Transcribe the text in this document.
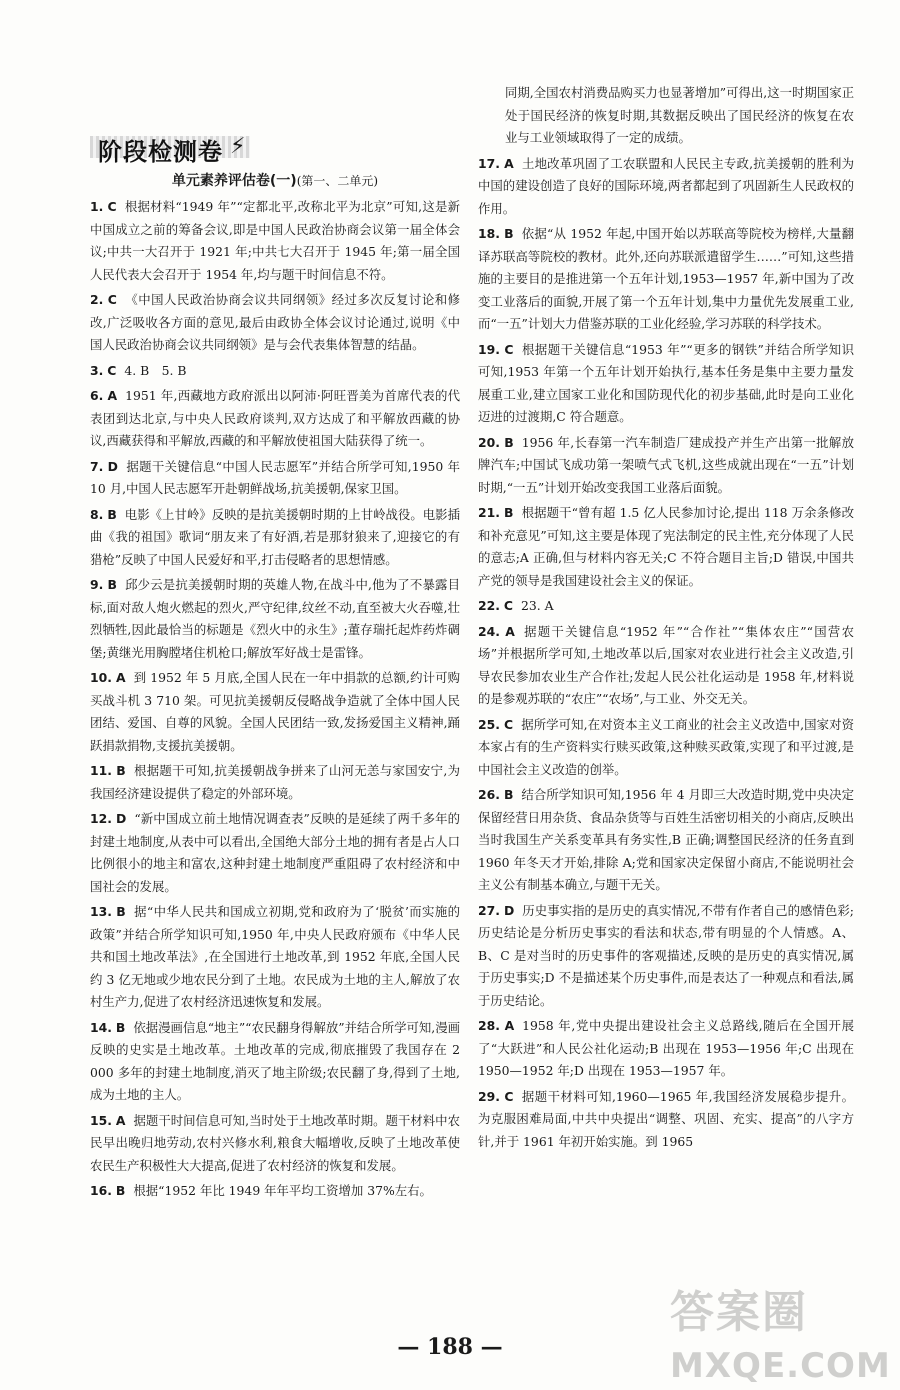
阶段检测卷 ⚡
单元素养评估卷(一)(第一、二单元)
1. C 根据材料“1949 年”“定都北平,改称北平为北京”可知,这是新中国成立之前的筹备会议,即是中国人民政治协商会议第一届全体会议;中共一大召开于 1921 年;中共七大召开于 1945 年;第一届全国人民代表大会召开于 1954 年,均与题干时间信息不符。
2. C 《中国人民政治协商会议共同纲领》经过多次反复讨论和修改,广泛吸收各方面的意见,最后由政协全体会议讨论通过,说明《中国人民政治协商会议共同纲领》是与会代表集体智慧的结晶。
3. C 4. B　5. B
6. A 1951 年,西藏地方政府派出以阿沛·阿旺晋美为首席代表的代表团到达北京,与中央人民政府谈判,双方达成了和平解放西藏的协议,西藏获得和平解放,西藏的和平解放使祖国大陆获得了统一。
7. D 据题干关键信息“中国人民志愿军”并结合所学可知,1950 年 10 月,中国人民志愿军开赴朝鲜战场,抗美援朝,保家卫国。
8. B 电影《上甘岭》反映的是抗美援朝时期的上甘岭战役。电影插曲《我的祖国》歌词“朋友来了有好酒,若是那豺狼来了,迎接它的有猎枪”反映了中国人民爱好和平,打击侵略者的思想情感。
9. B 邱少云是抗美援朝时期的英雄人物,在战斗中,他为了不暴露目标,面对敌人炮火燃起的烈火,严守纪律,纹丝不动,直至被大火吞噬,壮烈牺牲,因此最恰当的标题是《烈火中的永生》;董存瑞托起炸药炸碉堡;黄继光用胸膛堵住机枪口;解放军好战士是雷锋。
10. A 到 1952 年 5 月底,全国人民在一年中捐款的总额,约计可购买战斗机 3 710 架。可见抗美援朝反侵略战争造就了全体中国人民团结、爱国、自尊的风貌。全国人民团结一致,发扬爱国主义精神,踊跃捐款捐物,支援抗美援朝。
11. B 根据题干可知,抗美援朝战争拼来了山河无恙与家国安宁,为我国经济建设提供了稳定的外部环境。
12. D “新中国成立前土地情况调查表”反映的是延续了两千多年的封建土地制度,从表中可以看出,全国绝大部分土地的拥有者是占人口比例很小的地主和富农,这种封建土地制度严重阻碍了农村经济和中国社会的发展。
13. B 据“中华人民共和国成立初期,党和政府为了‘脱贫’而实施的政策”并结合所学知识可知,1950 年,中央人民政府颁布《中华人民共和国土地改革法》,在全国进行土地改革,到 1952 年底,全国人民约 3 亿无地或少地农民分到了土地。农民成为土地的主人,解放了农村生产力,促进了农村经济迅速恢复和发展。
14. B 依据漫画信息“地主”“农民翻身得解放”并结合所学可知,漫画反映的史实是土地改革。土地改革的完成,彻底摧毁了我国存在 2 000 多年的封建土地制度,消灭了地主阶级;农民翻了身,得到了土地,成为土地的主人。
15. A 据题干时间信息可知,当时处于土地改革时期。题干材料中农民早出晚归地劳动,农村兴修水利,粮食大幅增收,反映了土地改革使农民生产积极性大大提高,促进了农村经济的恢复和发展。
16. B 根据“1952 年比 1949 年年平均工资增加 37%左右。
同期,全国农村消费品购买力也显著增加”可得出,这一时期国家正处于国民经济的恢复时期,其数据反映出了国民经济的恢复在农业与工业领域取得了一定的成绩。
17. A 土地改革巩固了工农联盟和人民民主专政,抗美援朝的胜利为中国的建设创造了良好的国际环境,两者都起到了巩固新生人民政权的作用。
18. B 依据“从 1952 年起,中国开始以苏联高等院校为榜样,大量翻译苏联高等院校的教材。此外,还向苏联派遣留学生……”可知,这些措施的主要目的是推进第一个五年计划,1953—1957 年,新中国为了改变工业落后的面貌,开展了第一个五年计划,集中力量优先发展重工业,而“一五”计划大力借鉴苏联的工业化经验,学习苏联的科学技术。
19. C 根据题干关键信息“1953 年”“更多的钢铁”并结合所学知识可知,1953 年第一个五年计划开始执行,基本任务是集中主要力量发展重工业,建立国家工业化和国防现代化的初步基础,此时是向工业化迈进的过渡期,C 符合题意。
20. B 1956 年,长春第一汽车制造厂建成投产并生产出第一批解放牌汽车;中国试飞成功第一架喷气式飞机,这些成就出现在“一五”计划时期,“一五”计划开始改变我国工业落后面貌。
21. B 根据题干“曾有超 1.5 亿人民参加讨论,提出 118 万余条修改和补充意见”可知,这主要是体现了宪法制定的民主性,充分体现了人民的意志;A 正确,但与材料内容无关;C 不符合题目主旨;D 错误,中国共产党的领导是我国建设社会主义的保证。
22. C 23. A
24. A 据题干关键信息“1952 年”“合作社”“集体农庄”“国营农场”并根据所学可知,土地改革以后,国家对农业进行社会主义改造,引导农民参加农业生产合作社;发起人民公社化运动是 1958 年,材料说的是参观苏联的“农庄”“农场”,与工业、外交无关。
25. C 据所学可知,在对资本主义工商业的社会主义改造中,国家对资本家占有的生产资料实行赎买政策,这种赎买政策,实现了和平过渡,是中国社会主义改造的创举。
26. B 结合所学知识可知,1956 年 4 月即三大改造时期,党中央决定保留经营日用杂货、食品杂货等与百姓生活密切相关的小商店,反映出当时我国生产关系变革具有务实性,B 正确;调整国民经济的任务直到 1960 年冬天才开始,排除 A;党和国家决定保留小商店,不能说明社会主义公有制基本确立,与题干无关。
27. D 历史事实指的是历史的真实情况,不带有作者自己的感情色彩;历史结论是分析历史事实的看法和状态,带有明显的个人情感。A、B、C 是对当时的历史事件的客观描述,反映的是历史的真实情况,属于历史事实;D 不是描述某个历史事件,而是表达了一种观点和看法,属于历史结论。
28. A 1958 年,党中央提出建设社会主义总路线,随后在全国开展了“大跃进”和人民公社化运动;B 出现在 1953—1956 年;C 出现在 1950—1952 年;D 出现在 1953—1957 年。
29. C 据题干材料可知,1960—1965 年,我国经济发展稳步提升。为克服困难局面,中共中央提出“调整、巩固、充实、提高”的八字方针,并于 1961 年初开始实施。到 1965
— 188 —
答案圈
MXQE.COM
